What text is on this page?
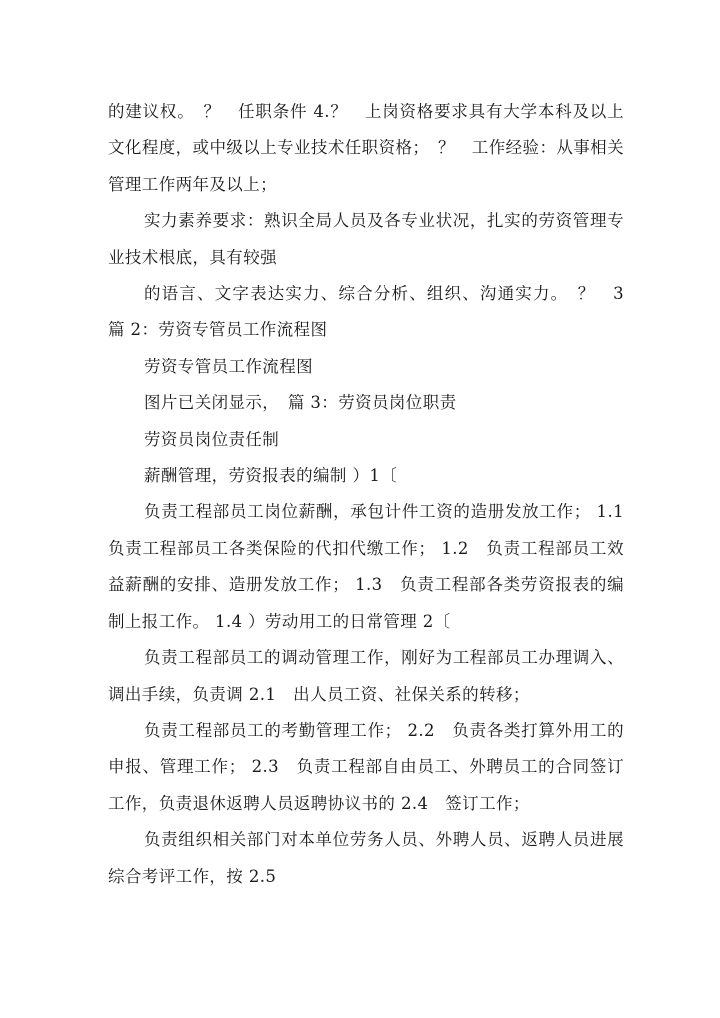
的建议权。　？　任职条件 4.？　上岗资格要求具有大学本科及以上文化程度，或中级以上专业技术任职资格；　？　工作经验：从事相关管理工作两年及以上；

实力素养要求：熟识全局人员及各专业状况，扎实的劳资管理专业技术根底，具有较强

的语言、文字表达实力、综合分析、组织、沟通实力。　？　3 篇 2：劳资专管员工作流程图

劳资专管员工作流程图

图片已关闭显示，　篇 3：劳资员岗位职责

劳资员岗位责任制

薪酬管理，劳资报表的编制 ）1〔

负责工程部员工岗位薪酬，承包计件工资的造册发放工作； 1.1 负责工程部员工各类保险的代扣代缴工作； 1.2　负责工程部员工效益薪酬的安排、造册发放工作； 1.3　负责工程部各类劳资报表的编制上报工作。 1.4 ）劳动用工的日常管理 2〔

负责工程部员工的调动管理工作，刚好为工程部员工办理调入、调出手续，负责调 2.1　出人员工资、社保关系的转移；

负责工程部员工的考勤管理工作； 2.2　负责各类打算外用工的申报、管理工作； 2.3　负责工程部自由员工、外聘员工的合同签订工作，负责退休返聘人员返聘协议书的 2.4　签订工作；

负责组织相关部门对本单位劳务人员、外聘人员、返聘人员进展综合考评工作，按 2.5
